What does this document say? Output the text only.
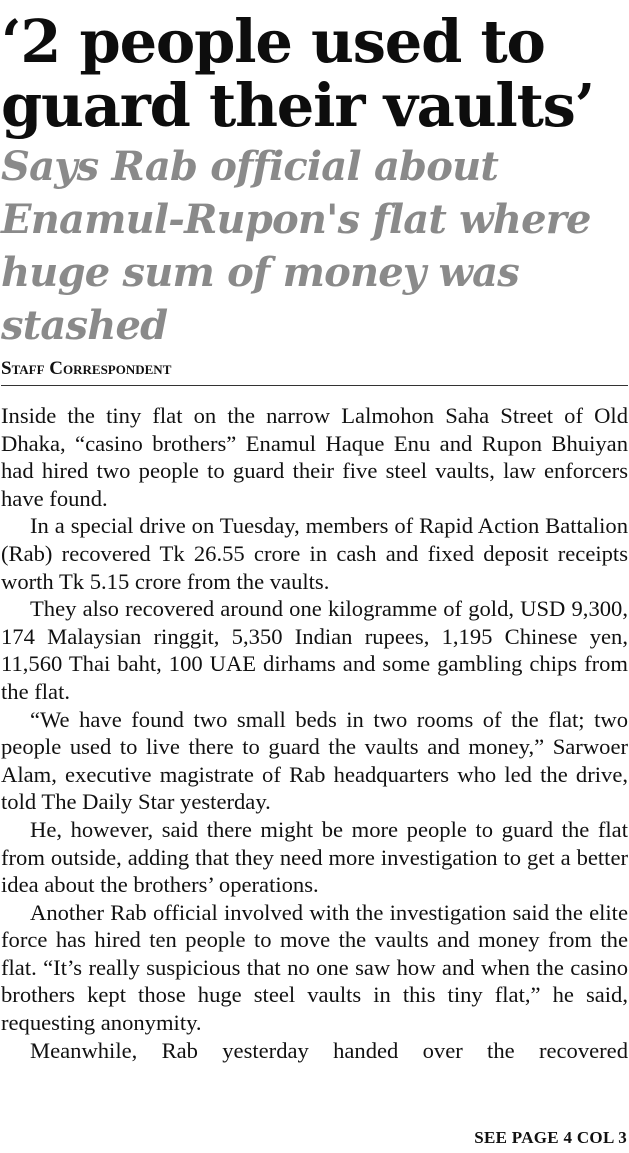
‘2 people used to guard their vaults’
Says Rab official about Enamul-Rupon's flat where huge sum of money was stashed
Staff Correspondent

Inside the tiny flat on the narrow Lalmohon Saha Street of Old Dhaka, “casino brothers” Enamul Haque Enu and Rupon Bhuiyan had hired two people to guard their five steel vaults, law enforcers have found.

In a special drive on Tuesday, members of Rapid Action Battalion (Rab) recovered Tk 26.55 crore in cash and fixed deposit receipts worth Tk 5.15 crore from the vaults.

They also recovered around one kilogramme of gold, USD 9,300, 174 Malaysian ringgit, 5,350 Indian rupees, 1,195 Chinese yen, 11,560 Thai baht, 100 UAE dirhams and some gambling chips from the flat.

“We have found two small beds in two rooms of the flat; two people used to live there to guard the vaults and money,” Sarwoer Alam, executive magistrate of Rab headquarters who led the drive, told The Daily Star yesterday.

He, however, said there might be more people to guard the flat from outside, adding that they need more investigation to get a better idea about the brothers’ operations.

Another Rab official involved with the investigation said the elite force has hired ten people to move the vaults and money from the flat. “It’s really suspicious that no one saw how and when the casino brothers kept those huge steel vaults in this tiny flat,” he said, requesting anonymity.

Meanwhile, Rab yesterday handed over the recovered

SEE PAGE 4 COL 3
